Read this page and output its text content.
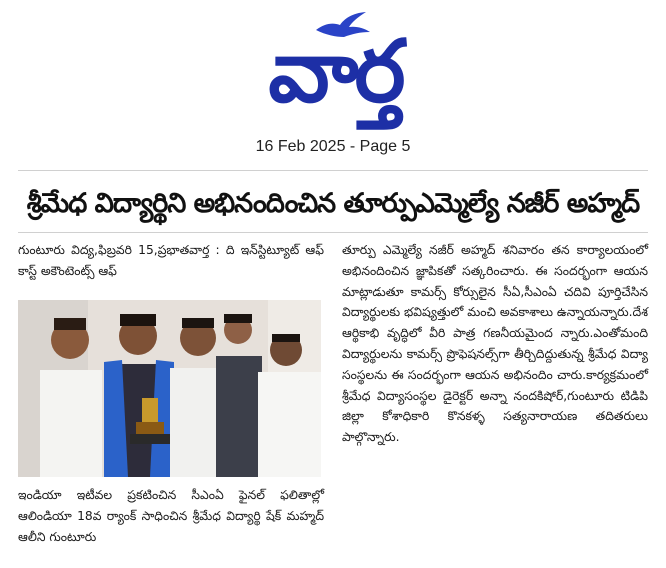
వార్త
16 Feb 2025 - Page 5
శ్రీమేధ విద్యార్థిని అభినందించిన తూర్పుఎమ్మెల్యే నజీర్ అహ్మద్

గుంటూరు విద్య,ఫిబ్రవరి 15,ప్రభాతవార్త : ది ఇన్‌స్టిట్యూట్ ఆఫ్ కాస్ట్ అకౌంటెంట్స్ ఆఫ్

ఇండియా ఇటీవల ప్రకటించిన సీఎంఏ ఫైనల్ ఫలితాల్లో ఆలిండియా 18వ ర్యాంక్ సాధించిన శ్రీమేధ విద్యార్థి షేక్ మహ్మద్ ఆలీని గుంటూరు

తూర్పు ఎమ్మెల్యే నజీర్ అహ్మద్ శనివారం తన కార్యాలయంలో అభినందించిన జ్ఞాపికతో సత్కరించారు. ఈ సందర్భంగా ఆయన మాట్లాడుతూ కామర్స్ కోర్సులైన సీఏ,సీఎంఏ చదివి పూర్తిచేసిన విద్యార్థులకు భవిష్యత్తులో మంచి అవకాశాలు ఉన్నాయన్నారు.దేశ ఆర్థికాభి వృద్ధిలో వీరి పాత్ర గణనీయమైంద న్నారు.ఎంతోమంది విద్యార్థులను కామర్స్ ప్రొఫెషనల్స్‌గా తీర్చిదిద్దుతున్న శ్రీమేధ విద్యా సంస్థలను ఈ సందర్భంగా ఆయన అభినందిం చారు.కార్యక్రమంలో శ్రీమేధ విద్యాసంస్థల డైరెక్టర్ అన్నా నందకిషోర్,గుంటూరు టిడిపి జిల్లా కోశాధికారి కొనకళ్ళ సత్యనారాయణ తదితరులు పాల్గొన్నారు.
